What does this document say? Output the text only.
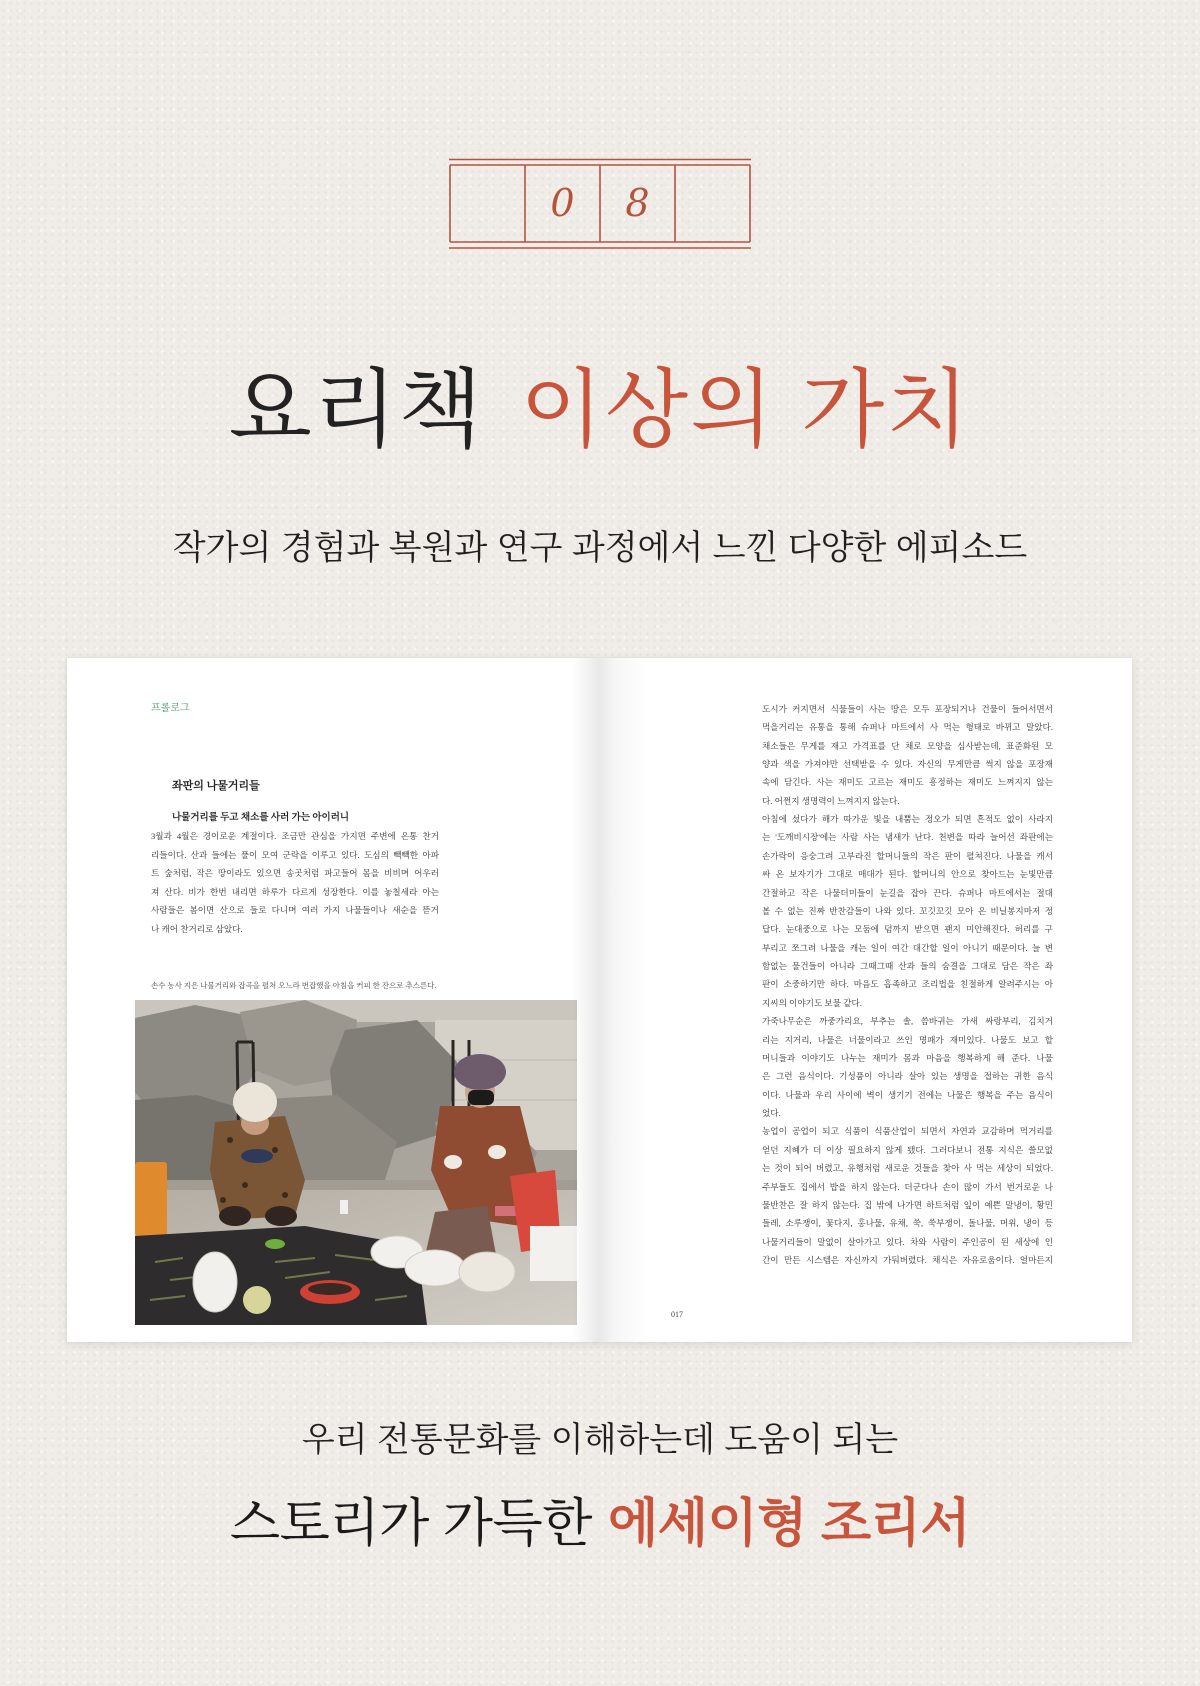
0 8
요리책 이상의 가치
작가의 경험과 복원과 연구 과정에서 느낀 다양한 에피소드
프롤로그
좌판의 나물거리들
나물거리를 두고 채소를 사러 가는 아이러니
3월과 4월은 경이로운 계절이다. 조금만 관심을 가지면 주변에 온통 찬거
리들이다. 산과 들에는 풀이 모여 군락을 이루고 있다. 도심의 빽빽한 아파
트 숲처럼, 작은 땅이라도 있으면 송곳처럼 파고들어 몸을 비비며 어우러
져 산다. 비가 한번 내리면 하루가 다르게 성장한다. 이를 놓칠세라 아는
사람들은 봄이면 산으로 들로 다니며 여러 가지 나물들이나 새순을 뜯거
나 캐어 찬거리로 삼았다.
손수 농사 지은 나물거리와 잡곡을 펼쳐 오느라 번잡했을 아침을 커피 한 잔으로 추스른다.
도시가 커지면서 식물들이 사는 땅은 모두 포장되거나 건물이 들어서면서
먹을거리는 유통을 통해 슈퍼나 마트에서 사 먹는 형태로 바뀌고 말았다.
채소들은 무게를 재고 가격표를 단 채로 모양을 심사받는데, 표준화된 모
양과 색을 가져야만 선택받을 수 있다. 자신의 무게만큼 썩지 않을 포장재
속에 담긴다. 사는 재미도 고르는 재미도 흥정하는 재미도 느껴지지 않는
다. 어쩐지 생명력이 느껴지지 않는다.
아침에 섰다가 해가 따가운 빛을 내뿜는 정오가 되면 흔적도 없이 사라지
는 '도깨비시장'에는 사람 사는 냄새가 난다. 천변을 따라 늘어선 좌판에는
손가락이 응숭그려 고부라진 할머니들의 작은 판이 펼쳐진다. 나물을 캐서
싸 온 보자기가 그대로 매대가 된다. 할머니의 안으로 찾아드는 눈빛만큼
간절하고 작은 나물더미들이 눈길을 잡아 끈다. 슈퍼나 마트에서는 절대
볼 수 없는 진짜 반찬감들이 나와 있다. 꼬깃꼬깃 모아 온 비닐봉지마저 정
답다. 눈대중으로 나는 모둠에 덤까지 받으면 괜지 미안해진다. 허리를 구
부리고 쪼그려 나물을 캐는 일이 여간 대간할 일이 아니기 때문이다. 늘 변
함없는 물건들이 아니라 그때그때 산과 들의 숨결을 그대로 담은 작은 좌
판이 소중하기만 하다. 마음도 흡족하고 조리법을 친절하게 알려주시는 아
지씨의 이야기도 보물 같다.
가죽나무순은 까중가리요, 부추는 솔, 씀바귀는 가새 싸랑부리, 김치거
리는 지거리, 나물은 너물이라고 쓰인 명패가 재미있다. 나물도 보고 할
머니들과 이야기도 나누는 재미가 몸과 마음을 행복하게 해 준다. 나물
은 그런 음식이다. 기성품이 아니라 살아 있는 생명을 접하는 귀한 음식
이다. 나물과 우리 사이에 벽이 생기기 전에는 나물은 행복을 주는 음식이
었다.
농업이 공업이 되고 식품이 식품산업이 되면서 자연과 교감하며 먹거리를
얻던 지혜가 더 이상 필요하지 않게 됐다. 그러다보니 전통 지식은 쓸모없
는 것이 되어 버렸고, 유행처럼 새로운 것들을 찾아 사 먹는 세상이 되었다.
주부들도 집에서 밥을 하지 않는다. 더군다나 손이 많이 가서 번거로운 나
물반찬은 잘 하지 않는다. 집 밖에 나가면 하트처럼 잎이 예쁜 말냉이, 황민
들레, 소루쟁이, 꽃다지, 홍나물, 유채, 쑥, 쑥부쟁이, 돌나물, 머위, 냉이 등
나물거리들이 말없이 살아가고 있다. 차와 사람이 주인공이 된 세상에 인
간이 만든 시스템은 자신까지 가둬버렸다. 채식은 자유로움이다. 얼마든지
017
우리 전통문화를 이해하는데 도움이 되는
스토리가 가득한 에세이형 조리서
